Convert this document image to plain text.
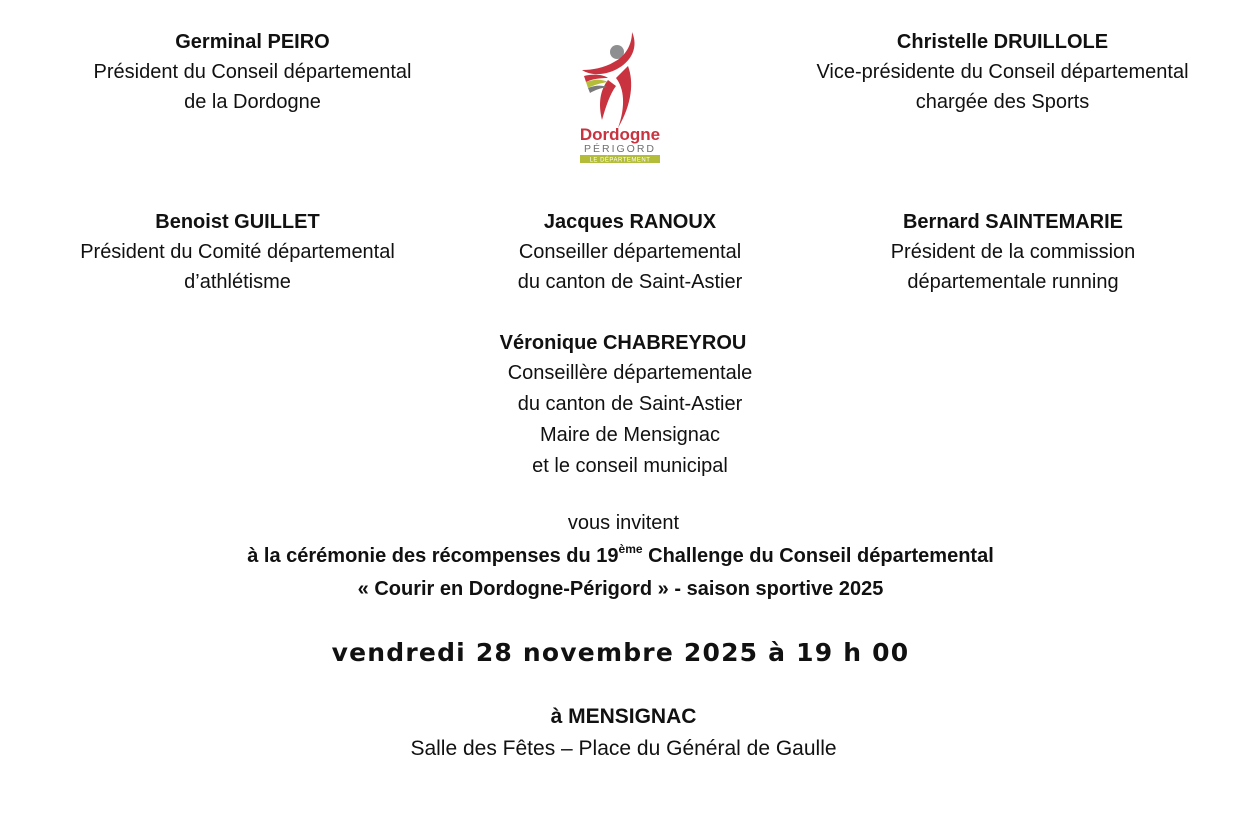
Germinal PEIRO
Président du Conseil départemental
de la Dordogne
Dordogne
PÉRIGORD
LE DÉPARTEMENT
Christelle DRUILLOLE
Vice-présidente du Conseil départemental
chargée des Sports
Benoist GUILLET
Président du Comité départemental
d’athlétisme
Jacques RANOUX
Conseiller départemental
du canton de Saint-Astier
Bernard SAINTEMARIE
Président de la commission
départementale running
Véronique CHABREYROU
Conseillère départementale
du canton de Saint-Astier
Maire de Mensignac
et le conseil municipal
vous invitent
à la cérémonie des récompenses du 19ème Challenge du Conseil départemental
« Courir en Dordogne-Périgord » - saison sportive 2025
vendredi 28 novembre 2025 à 19 h 00
à MENSIGNAC
Salle des Fêtes – Place du Général de Gaulle
